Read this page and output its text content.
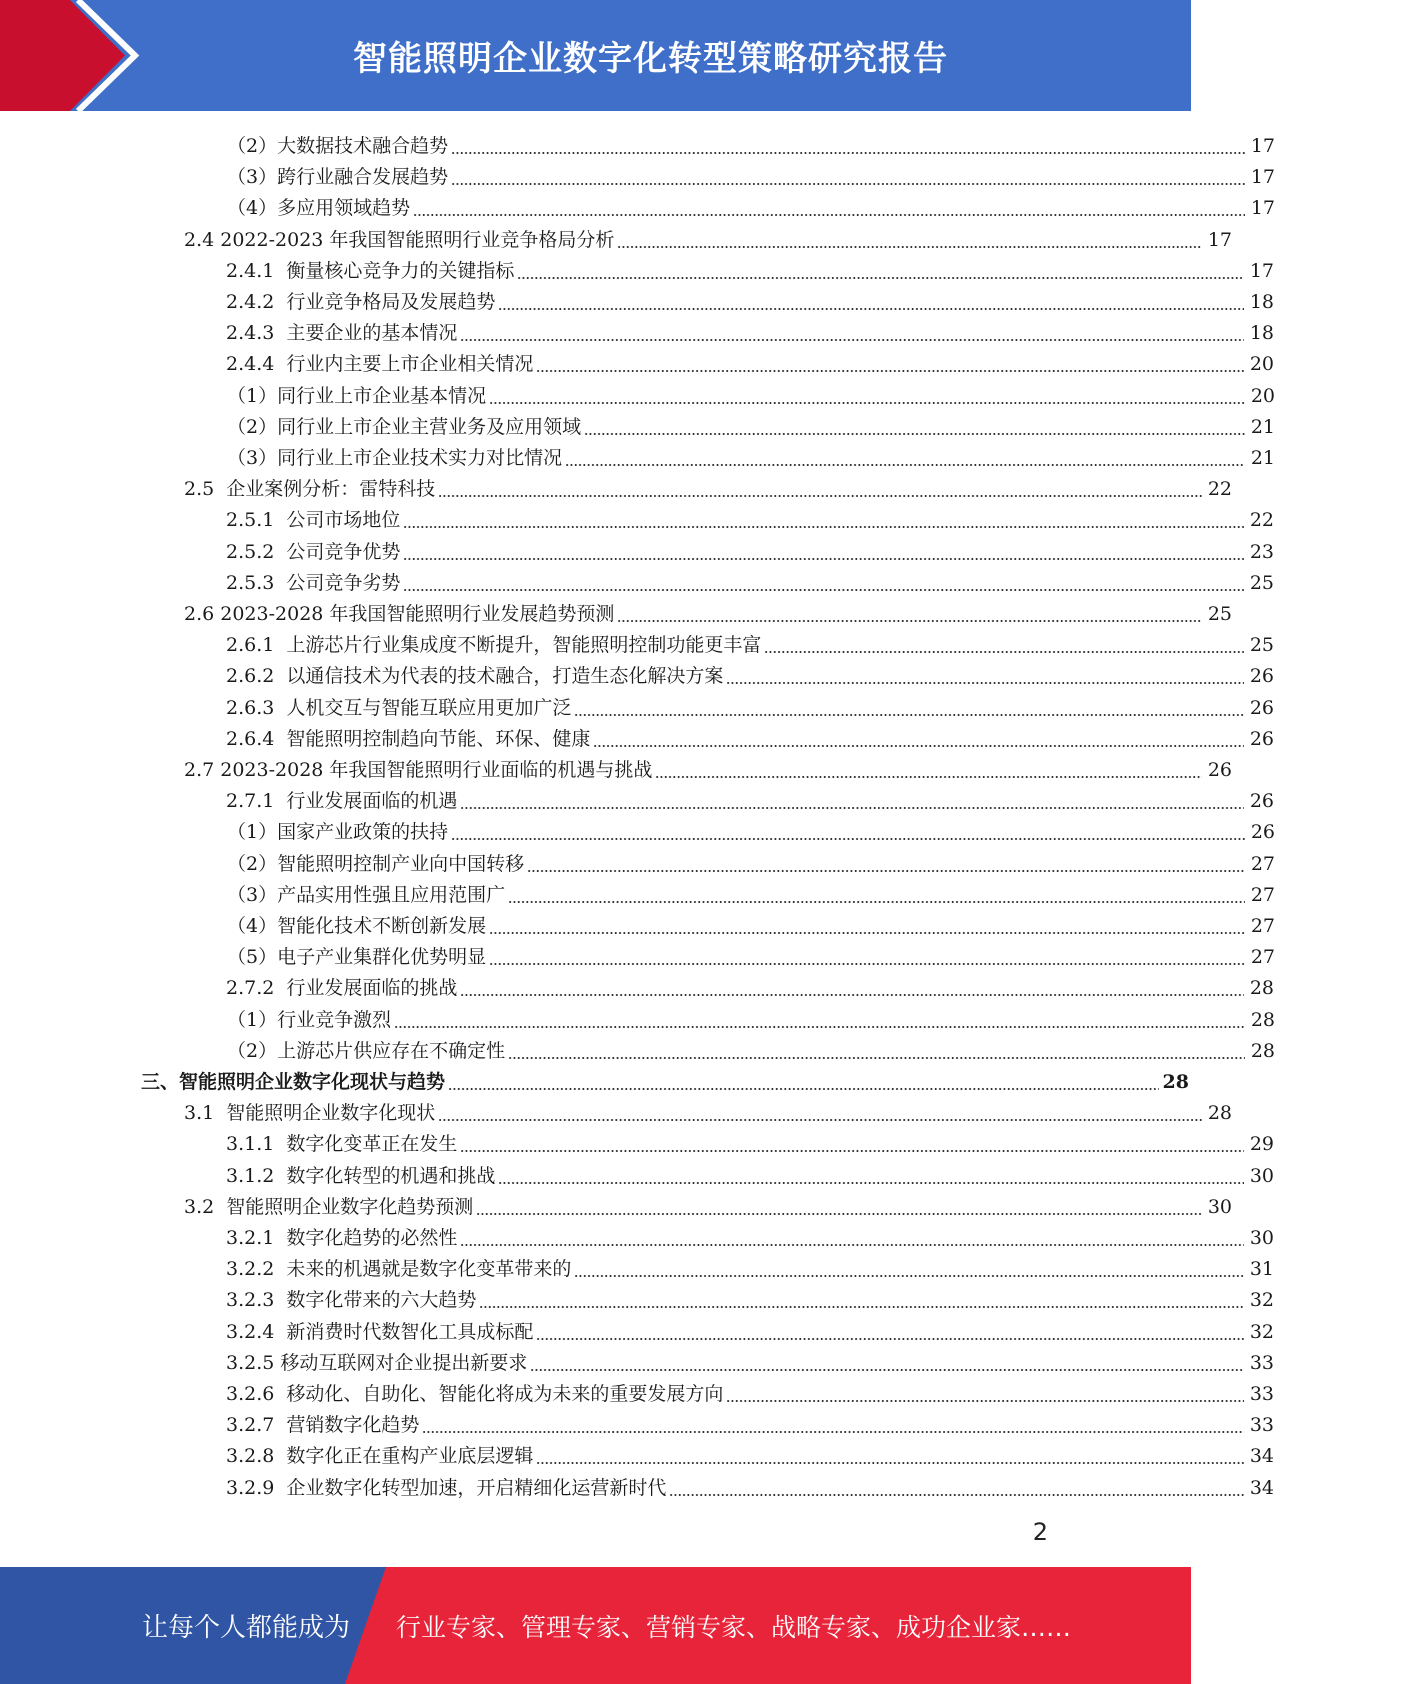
智能照明企业数字化转型策略研究报告
（2）大数据技术融合趋势	17
（3）跨行业融合发展趋势	17
（4）多应用领域趋势	17
2.4 2022-2023 年我国智能照明行业竞争格局分析	17
2.4.1  衡量核心竞争力的关键指标	17
2.4.2  行业竞争格局及发展趋势	18
2.4.3  主要企业的基本情况	18
2.4.4  行业内主要上市企业相关情况	20
（1）同行业上市企业基本情况	20
（2）同行业上市企业主营业务及应用领域	21
（3）同行业上市企业技术实力对比情况	21
2.5  企业案例分析：雷特科技	22
2.5.1  公司市场地位	22
2.5.2  公司竞争优势	23
2.5.3  公司竞争劣势	25
2.6 2023-2028 年我国智能照明行业发展趋势预测	25
2.6.1  上游芯片行业集成度不断提升，智能照明控制功能更丰富	25
2.6.2  以通信技术为代表的技术融合，打造生态化解决方案	26
2.6.3  人机交互与智能互联应用更加广泛	26
2.6.4  智能照明控制趋向节能、环保、健康	26
2.7 2023-2028 年我国智能照明行业面临的机遇与挑战	26
2.7.1  行业发展面临的机遇	26
（1）国家产业政策的扶持	26
（2）智能照明控制产业向中国转移	27
（3）产品实用性强且应用范围广	27
（4）智能化技术不断创新发展	27
（5）电子产业集群化优势明显	27
2.7.2  行业发展面临的挑战	28
（1）行业竞争激烈	28
（2）上游芯片供应存在不确定性	28
三、智能照明企业数字化现状与趋势	28
3.1  智能照明企业数字化现状	28
3.1.1  数字化变革正在发生	29
3.1.2  数字化转型的机遇和挑战	30
3.2  智能照明企业数字化趋势预测	30
3.2.1  数字化趋势的必然性	30
3.2.2  未来的机遇就是数字化变革带来的	31
3.2.3  数字化带来的六大趋势	32
3.2.4  新消费时代数智化工具成标配	32
3.2.5 移动互联网对企业提出新要求	33
3.2.6  移动化、自助化、智能化将成为未来的重要发展方向	33
3.2.7  营销数字化趋势	33
3.2.8  数字化正在重构产业底层逻辑	34
3.2.9  企业数字化转型加速，开启精细化运营新时代	34
2
让每个人都能成为 行业专家、管理专家、营销专家、战略专家、成功企业家……
